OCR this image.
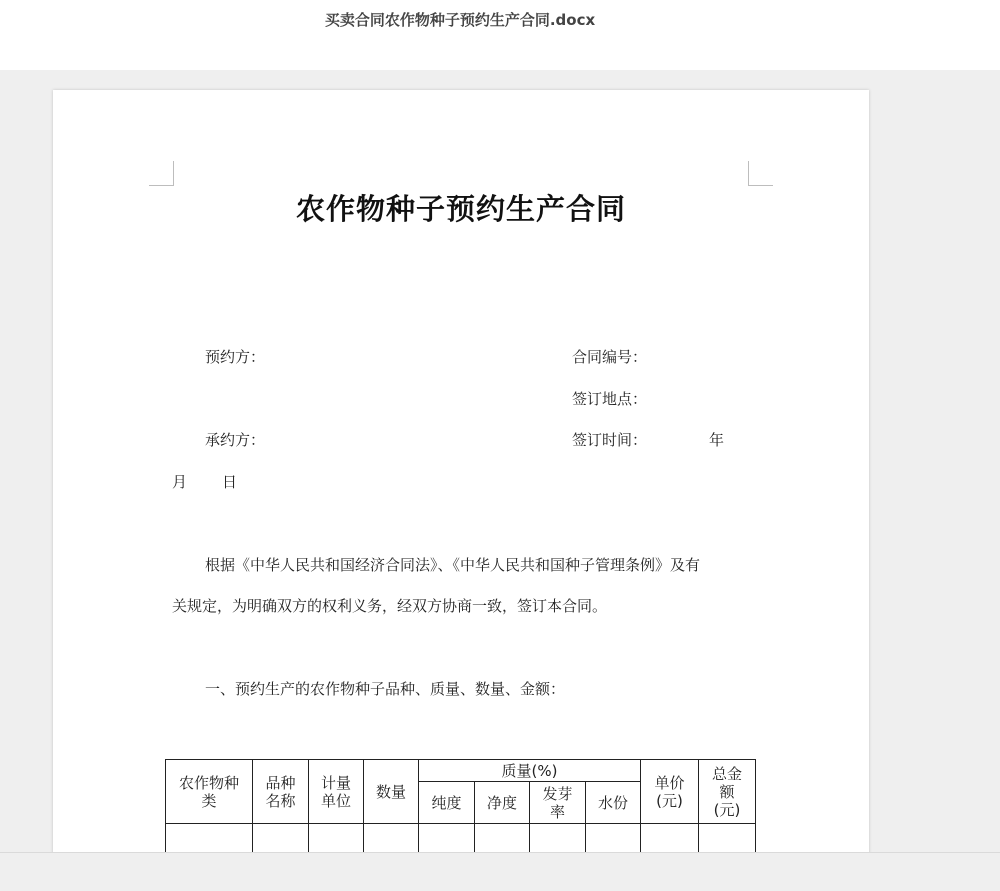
买卖合同农作物种子预约生产合同.docx
农作物种子预约生产合同
预约方：	合同编号：
签订地点：
承约方：	签订时间：	年
月 日
根据《中华人民共和国经济合同法》、《中华人民共和国种子管理条例》及有
关规定，为明确双方的权利义务，经双方协商一致，签订本合同。
一、预约生产的农作物种子品种、质量、数量、金额：
农作物种类	品种名称	计量单位	数量	质量(%)				单价(元)	总金额(元)

				纯度	净度	发芽率	水份		
